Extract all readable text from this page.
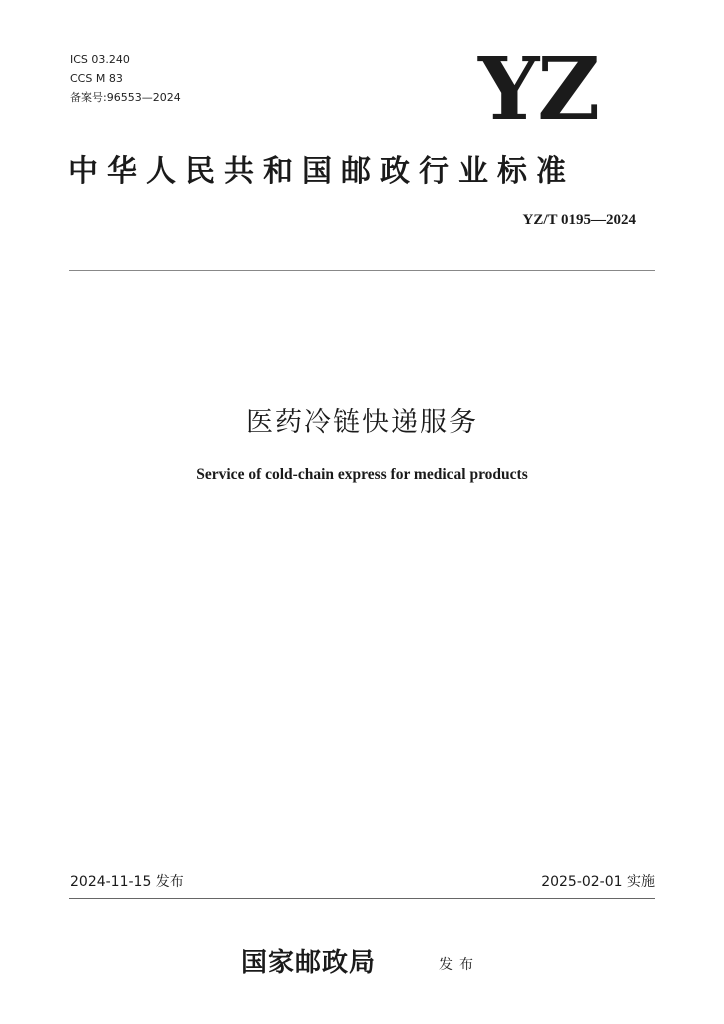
ICS 03.240
CCS M 83
备案号:96553—2024	YZ
中华人民共和国邮政行业标准
YZ/T 0195—2024
医药冷链快递服务
Service of cold-chain express for medical products
2024-11-15 发布	2025-02-01 实施
国家邮政局	发布
